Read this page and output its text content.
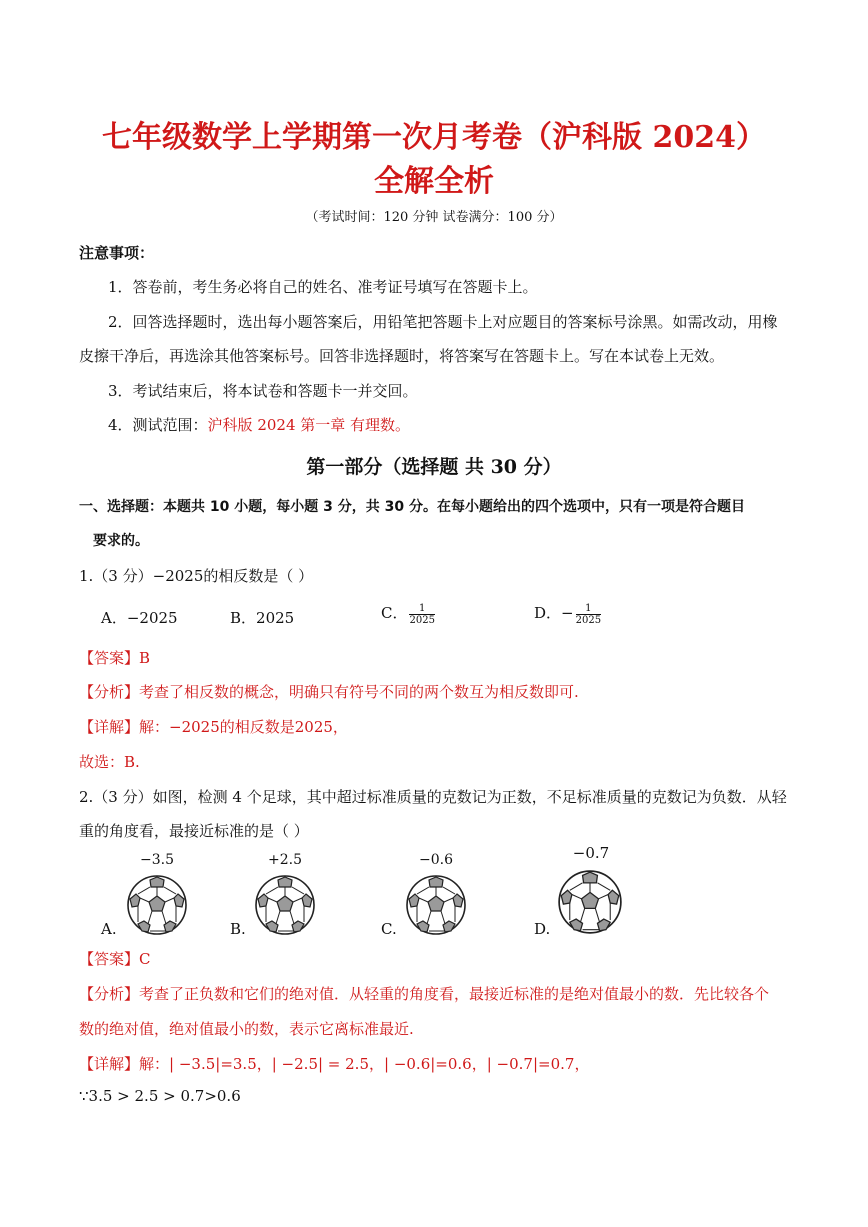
七年级数学上学期第一次月考卷（沪科版 2024）
全解全析
（考试时间：120 分钟 试卷满分：100 分）
注意事项：
1．答卷前，考生务必将自己的姓名、准考证号填写在答题卡上。
2．回答选择题时，选出每小题答案后，用铅笔把答题卡上对应题目的答案标号涂黑。如需改动，用橡
皮擦干净后，再选涂其他答案标号。回答非选择题时，将答案写在答题卡上。写在本试卷上无效。
3．考试结束后，将本试卷和答题卡一并交回。
4．测试范围：沪科版 2024 第一章 有理数。
第一部分（选择题 共 30 分）
一、选择题：本题共 10 小题，每小题 3 分，共 30 分。在每小题给出的四个选项中，只有一项是符合题目
要求的。
1.（3 分）−2025的相反数是（ ）
A．−2025	B．2025	C． $\frac{1}{2025}$	D．− $\frac{1}{2025}$
【答案】B
【分析】考查了相反数的概念，明确只有符号不同的两个数互为相反数即可.
【详解】解：−2025的相反数是2025，
故选：B.
2.（3 分）如图，检测 4 个足球，其中超过标准质量的克数记为正数，不足标准质量的克数记为负数．从轻
重的角度看，最接近标准的是（ ）
−3.5
A.
+2.5
B.
−0.6
C.
−0.7
D.
【答案】C
【分析】考查了正负数和它们的绝对值．从轻重的角度看，最接近标准的是绝对值最小的数．先比较各个
数的绝对值，绝对值最小的数，表示它离标准最近.
【详解】解：| −3.5|=3.5，| −2.5| = 2.5，| −0.6|=0.6，| −0.7|=0.7，
∵3.5 > 2.5 > 0.7>0.6
